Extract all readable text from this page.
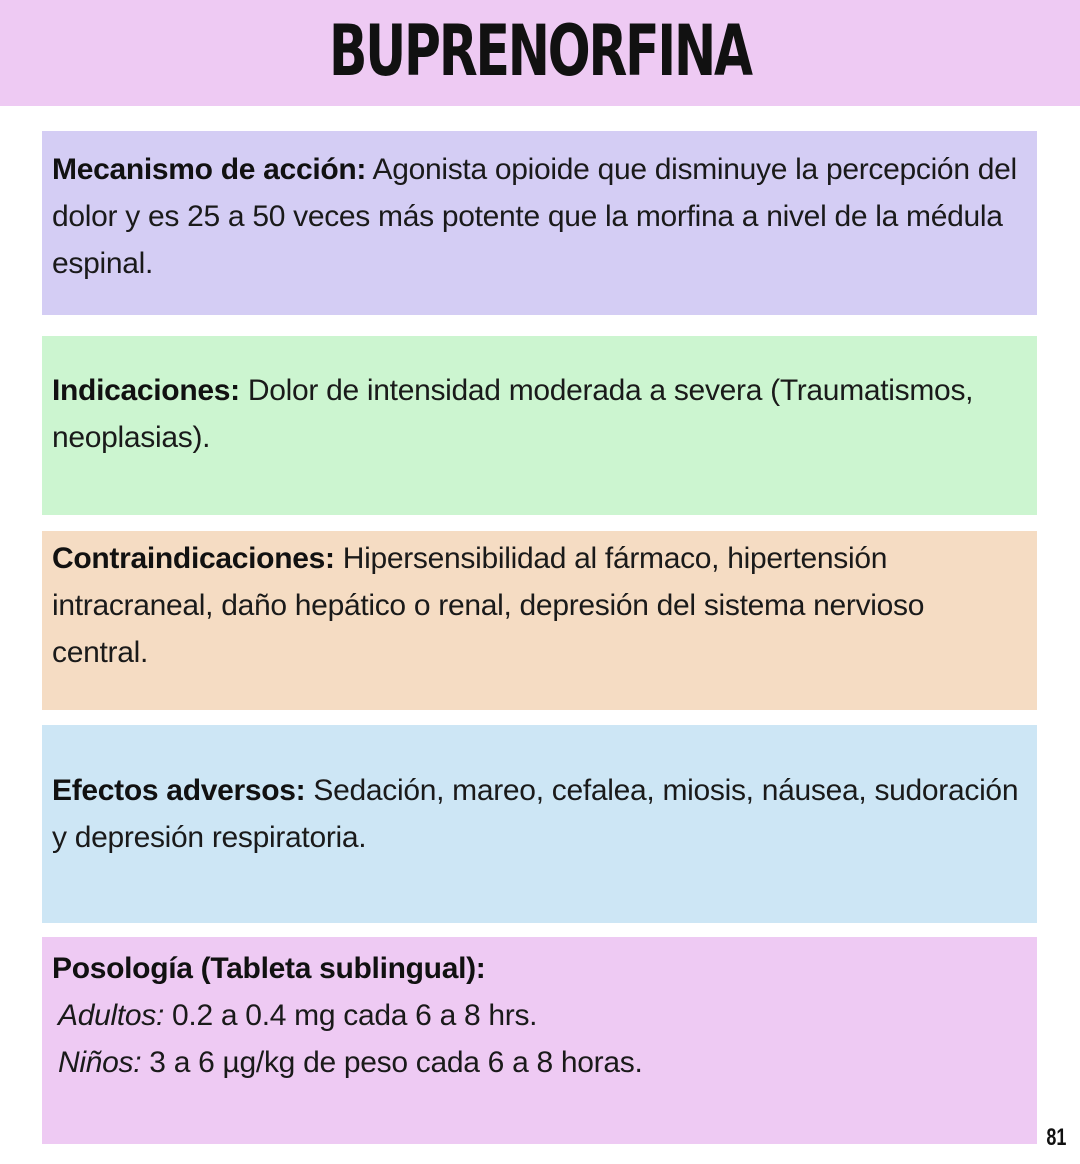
BUPRENORFINA
Mecanismo de acción: Agonista opioide que disminuye la percepción del dolor y es 25 a 50 veces más potente que la morfina a nivel de la médula espinal.
Indicaciones: Dolor de intensidad moderada a severa (Traumatismos, neoplasias).
Contraindicaciones: Hipersensibilidad al fármaco, hipertensión intracraneal, daño hepático o renal, depresión del sistema nervioso central.
Efectos adversos: Sedación, mareo, cefalea, miosis, náusea, sudoración y depresión respiratoria.
Posología (Tableta sublingual):
Adultos: 0.2 a 0.4 mg cada 6 a 8 hrs.
Niños: 3 a 6 µg/kg de peso cada 6 a 8 horas.
81
